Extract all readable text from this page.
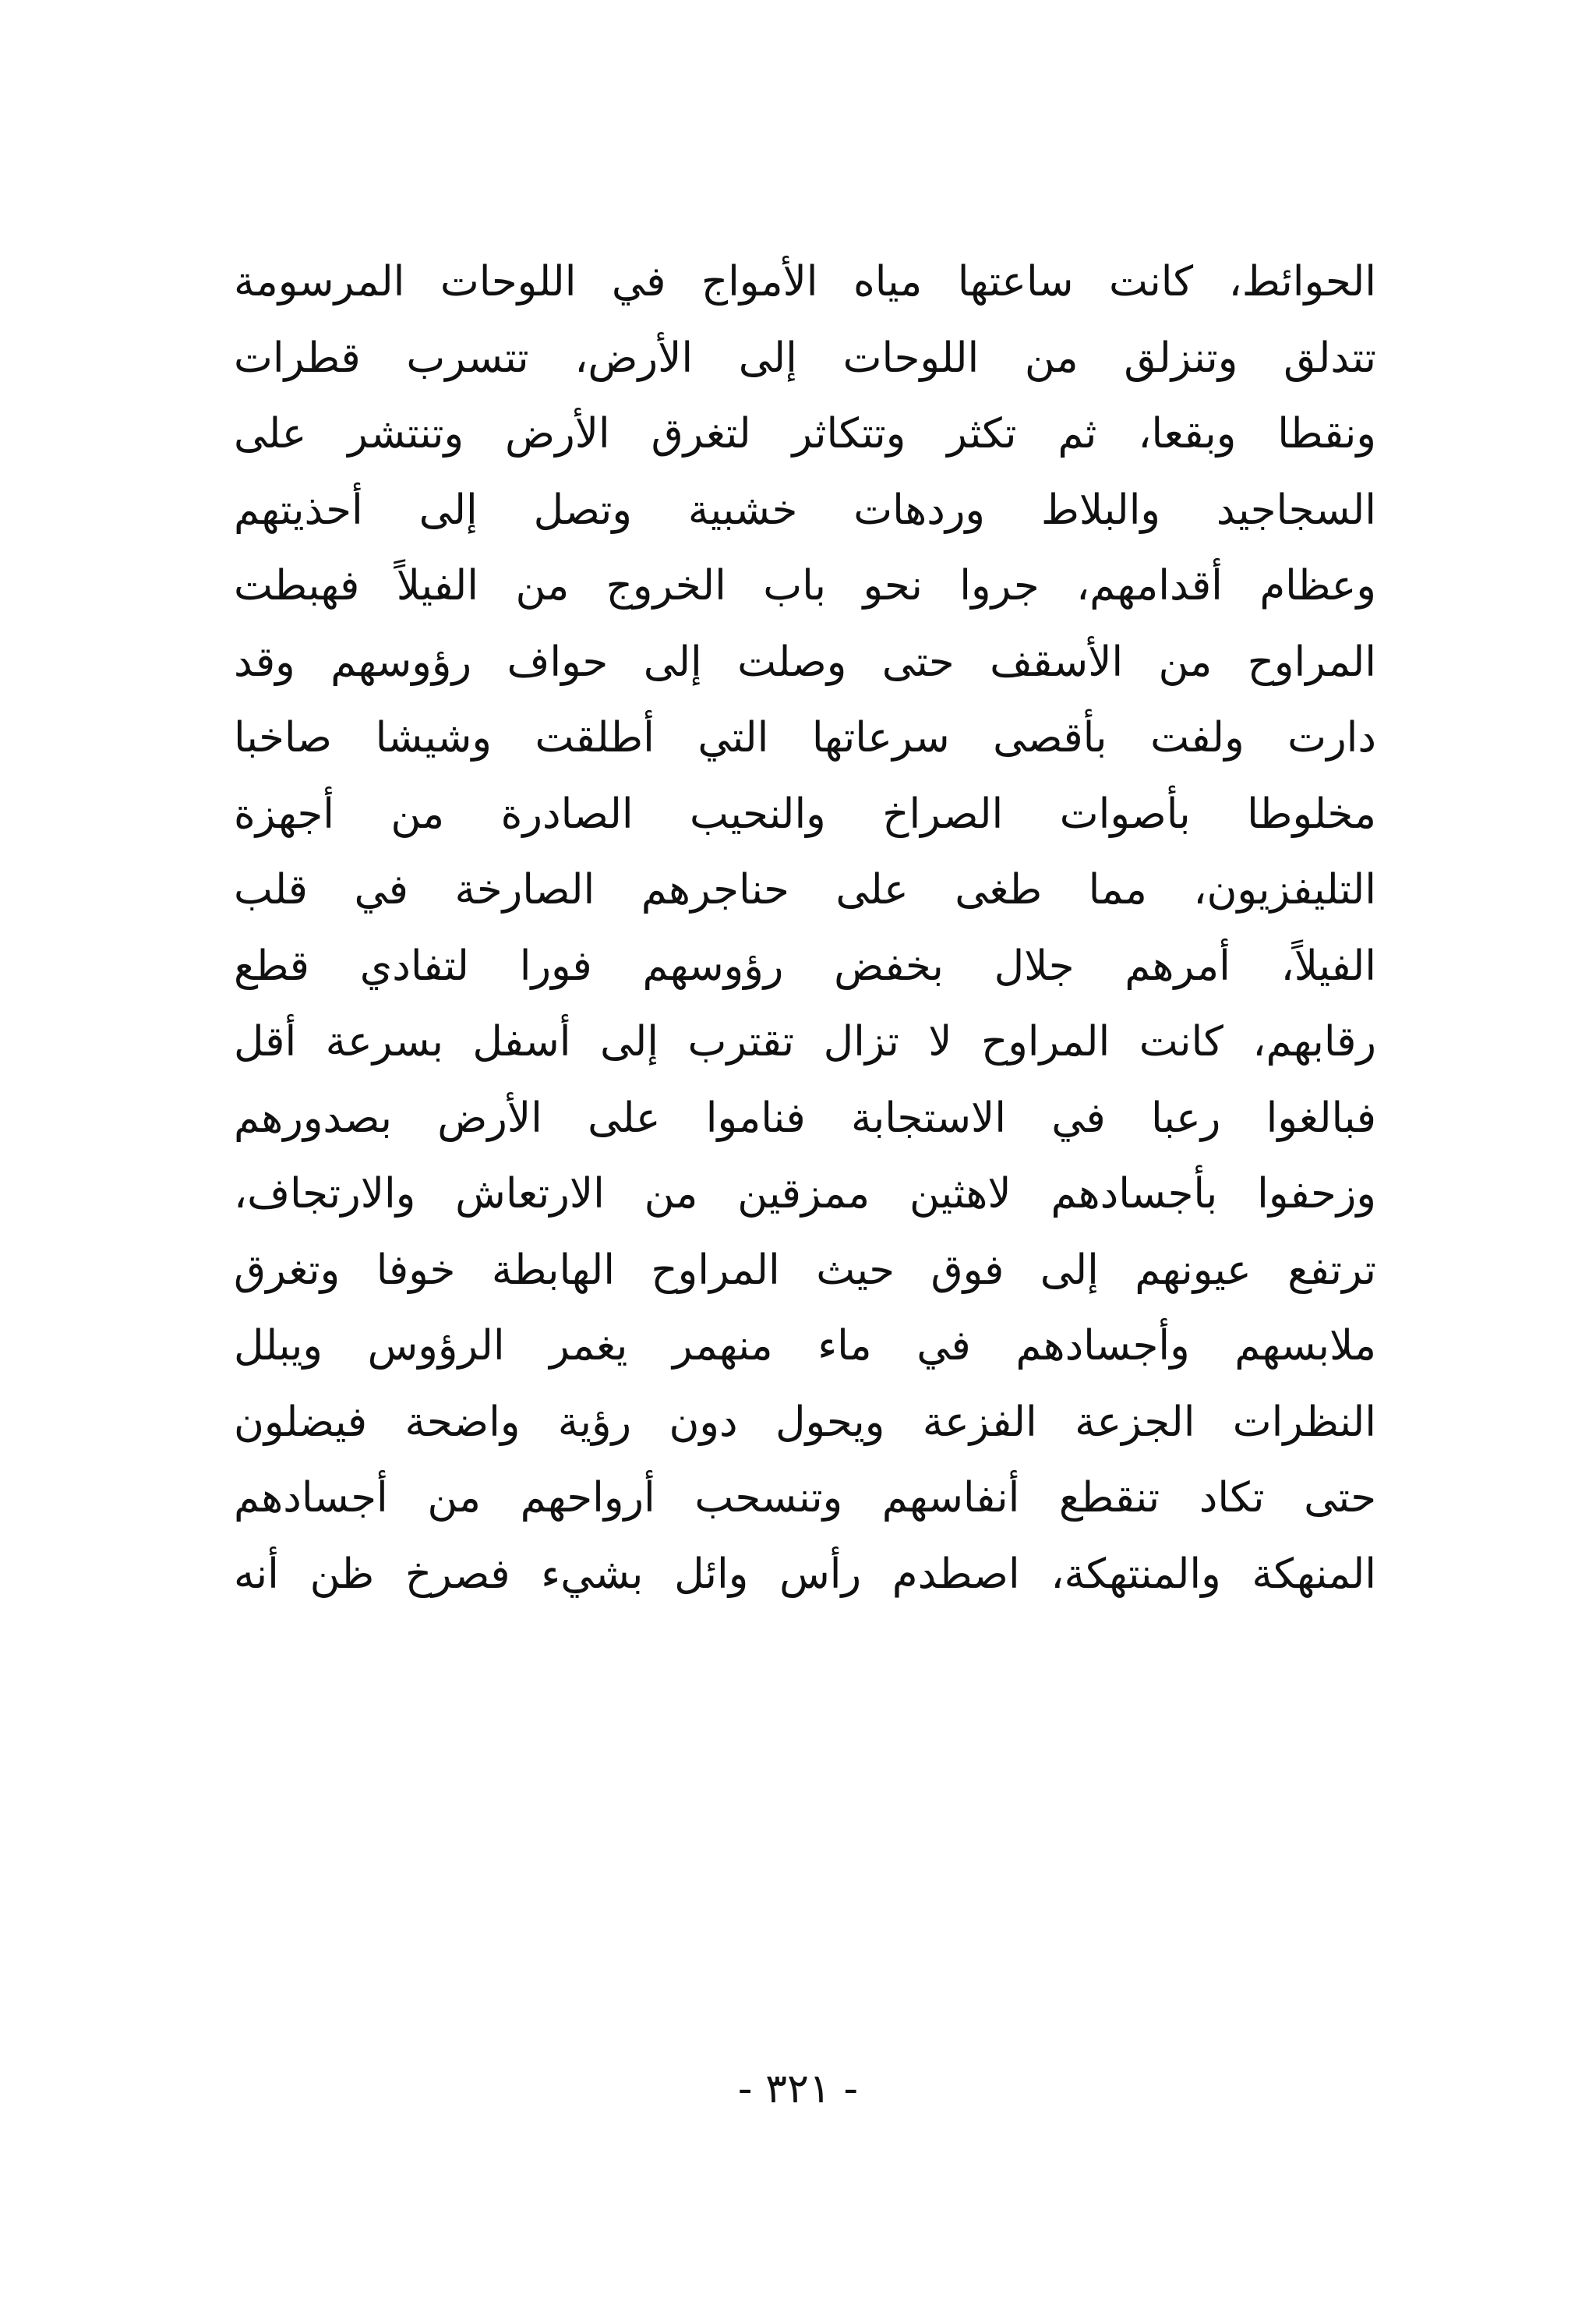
الحوائط، كانت ساعتها مياه الأمواج في اللوحات المرسومة
تتدلق وتنزلق من اللوحات إلى الأرض، تتسرب قطرات
ونقطا وبقعا، ثم تكثر وتتكاثر لتغرق الأرض وتنتشر على
السجاجيد والبلاط وردهات خشبية وتصل إلى أحذيتهم
وعظام أقدامهم، جروا نحو باب الخروج من الفيلاً فهبطت
المراوح من الأسقف حتى وصلت إلى حواف رؤوسهم وقد
دارت ولفت بأقصى سرعاتها التي أطلقت وشيشا صاخبا
مخلوطا بأصوات الصراخ والنحيب الصادرة من أجهزة
التليفزيون، مما طغى على حناجرهم الصارخة في قلب
الفيلاً، أمرهم جلال بخفض رؤوسهم فورا لتفادي قطع
رقابهم، كانت المراوح لا تزال تقترب إلى أسفل بسرعة أقل
فبالغوا رعبا في الاستجابة فناموا على الأرض بصدورهم
وزحفوا بأجسادهم لاهثين ممزقين من الارتعاش والارتجاف،
ترتفع عيونهم إلى فوق حيث المراوح الهابطة خوفا وتغرق
ملابسهم وأجسادهم في ماء منهمر يغمر الرؤوس ويبلل
النظرات الجزعة الفزعة ويحول دون رؤية واضحة فيضلون
حتى تكاد تنقطع أنفاسهم وتنسحب أرواحهم من أجسادهم
المنهكة والمنتهكة، اصطدم رأس وائل بشيء فصرخ ظن أنه
- ٣٢١ -
